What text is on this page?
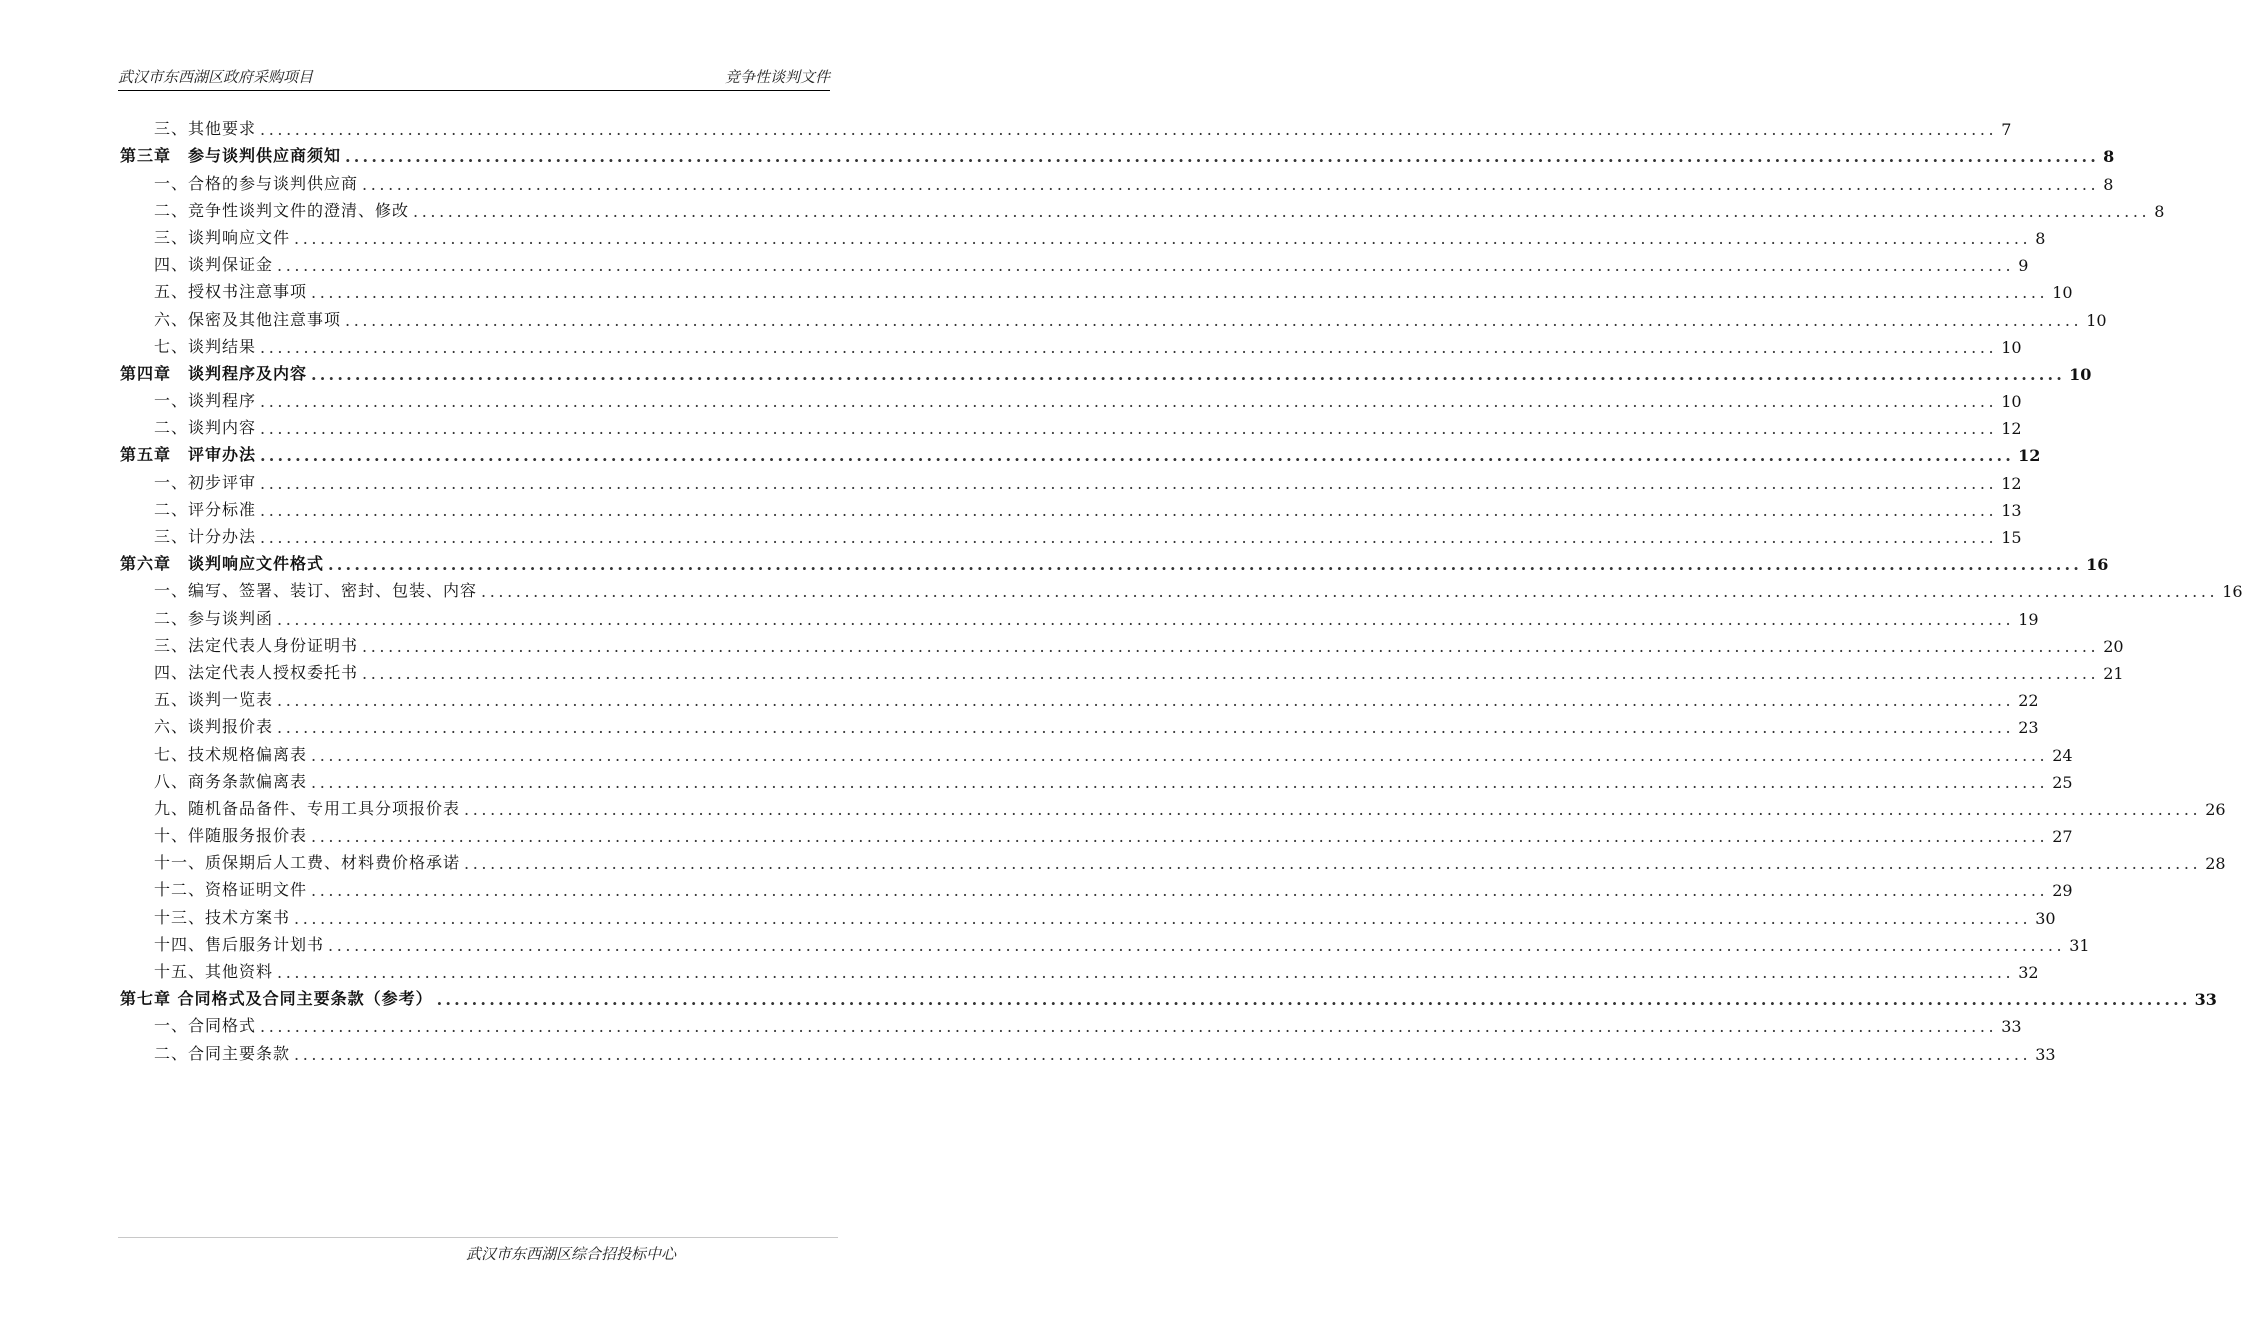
武汉市东西湖区政府采购项目	竞争性谈判文件
三、其他要求 ........................................................................................................................................................................................................ 7
第三章　参与谈判供应商须知 ........................................................................................................................................................................................................ 8
一、合格的参与谈判供应商 ........................................................................................................................................................................................................ 8
二、竞争性谈判文件的澄清、修改 ........................................................................................................................................................................................................ 8
三、谈判响应文件 ........................................................................................................................................................................................................ 8
四、谈判保证金 ........................................................................................................................................................................................................ 9
五、授权书注意事项 ........................................................................................................................................................................................................ 10
六、保密及其他注意事项 ........................................................................................................................................................................................................ 10
七、谈判结果 ........................................................................................................................................................................................................ 10
第四章　谈判程序及内容 ........................................................................................................................................................................................................ 10
一、谈判程序 ........................................................................................................................................................................................................ 10
二、谈判内容 ........................................................................................................................................................................................................ 12
第五章　评审办法 ........................................................................................................................................................................................................ 12
一、初步评审 ........................................................................................................................................................................................................ 12
二、评分标准 ........................................................................................................................................................................................................ 13
三、计分办法 ........................................................................................................................................................................................................ 15
第六章　谈判响应文件格式 ........................................................................................................................................................................................................ 16
一、编写、签署、装订、密封、包装、内容 ........................................................................................................................................................................................................ 16
二、参与谈判函 ........................................................................................................................................................................................................ 19
三、法定代表人身份证明书 ........................................................................................................................................................................................................ 20
四、法定代表人授权委托书 ........................................................................................................................................................................................................ 21
五、谈判一览表 ........................................................................................................................................................................................................ 22
六、谈判报价表 ........................................................................................................................................................................................................ 23
七、技术规格偏离表 ........................................................................................................................................................................................................ 24
八、商务条款偏离表 ........................................................................................................................................................................................................ 25
九、随机备品备件、专用工具分项报价表 ........................................................................................................................................................................................................ 26
十、伴随服务报价表 ........................................................................................................................................................................................................ 27
十一、质保期后人工费、材料费价格承诺 ........................................................................................................................................................................................................ 28
十二、资格证明文件 ........................................................................................................................................................................................................ 29
十三、技术方案书 ........................................................................................................................................................................................................ 30
十四、售后服务计划书 ........................................................................................................................................................................................................ 31
十五、其他资料 ........................................................................................................................................................................................................ 32
第七章 合同格式及合同主要条款（参考） ........................................................................................................................................................................................................ 33
一、合同格式 ........................................................................................................................................................................................................ 33
二、合同主要条款 ........................................................................................................................................................................................................ 33
武汉市东西湖区综合招投标中心
